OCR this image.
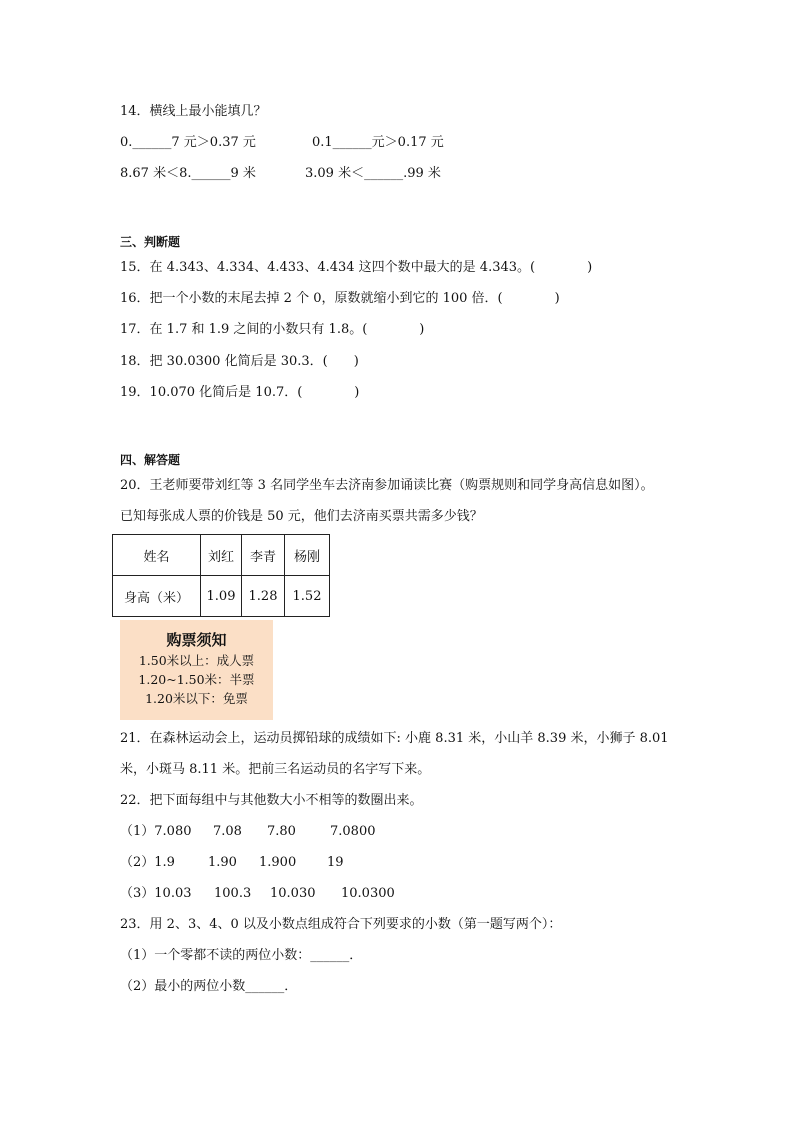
14．横线上最小能填几？
0.______7 元＞0.37 元	0.1______元＞0.17 元
8.67 米＜8.______9 米	3.09 米＜______.99 米
三、判断题
15．在 4.343、4.334、4.433、4.434 这四个数中最大的是 4.343。(　　　　)
16．把一个小数的末尾去掉 2 个 0，原数就缩小到它的 100 倍．(　　　　)
17．在 1.7 和 1.9 之间的小数只有 1.8。(　　　　)
18．把 30.0300 化简后是 30.3．(　　)
19．10.070 化简后是 10.7．(　　　　)
四、解答题
20．王老师要带刘红等 3 名同学坐车去济南参加诵读比赛（购票规则和同学身高信息如图）。
已知每张成人票的价钱是 50 元，他们去济南买票共需多少钱？
姓名	刘红	李青	杨刚
身高（米）	1.09	1.28	1.52
购票须知
1.50米以上：成人票
1.20~1.50米：半票
1.20米以下：免票
21．在森林运动会上，运动员掷铅球的成绩如下: 小鹿 8.31 米，小山羊 8.39 米，小狮子 8.01
米，小斑马 8.11 米。把前三名运动员的名字写下来。
22．把下面每组中与其他数大小不相等的数圈出来。
（1）7.080 7.08 7.80	7.0800
（2）1.9	1.90 1.900 19
（3）10.03 100.3 10.030 10.0300
23．用 2、3、4、0 以及小数点组成符合下列要求的小数（第一题写两个）：
（1）一个零都不读的两位小数：______．
（2）最小的两位小数______．
